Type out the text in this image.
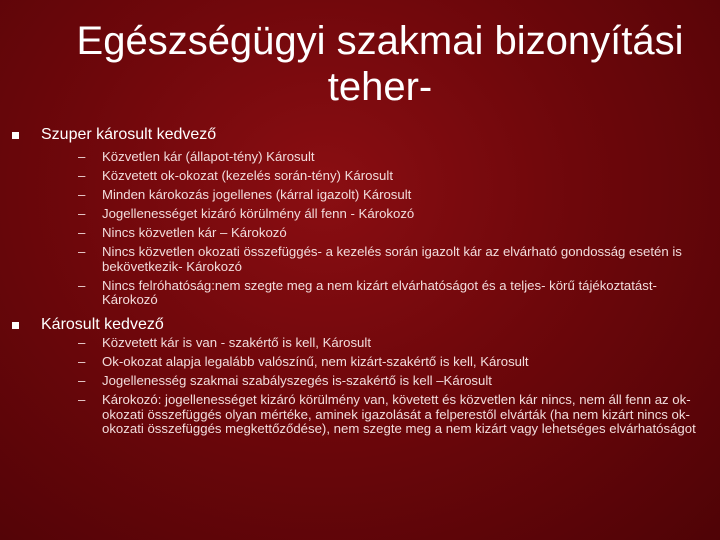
Egészségügyi szakmai bizonyítási
teher-
Szuper károsult kedvező
–	Közvetlen kár (állapot-tény) Károsult
–	Közvetett ok-okozat (kezelés során-tény) Károsult
–	Minden károkozás jogellenes (kárral igazolt) Károsult
–	Jogellenességet kizáró körülmény áll fenn - Károkozó
–	Nincs közvetlen kár – Károkozó
–	Nincs közvetlen okozati összefüggés- a kezelés során igazolt kár az elvárható gondosság esetén is bekövetkezik- Károkozó
–	Nincs felróhatóság:nem szegte meg a nem kizárt elvárhatóságot és a teljes- körű tájékoztatást- Károkozó
Károsult kedvező
–	Közvetett kár is van - szakértő is kell, Károsult
–	Ok-okozat alapja legalább valószínű, nem kizárt-szakértő is kell, Károsult
–	Jogellenesség szakmai szabályszegés is-szakértő is kell –Károsult
–	Károkozó: jogellenességet kizáró körülmény van, követett és közvetlen kár nincs, nem áll fenn az ok-okozati összefüggés olyan mértéke, aminek igazolását a felperestől elvárták (ha nem kizárt nincs ok-okozati összefüggés megkettőződése), nem szegte meg a nem kizárt vagy lehetséges elvárhatóságot
